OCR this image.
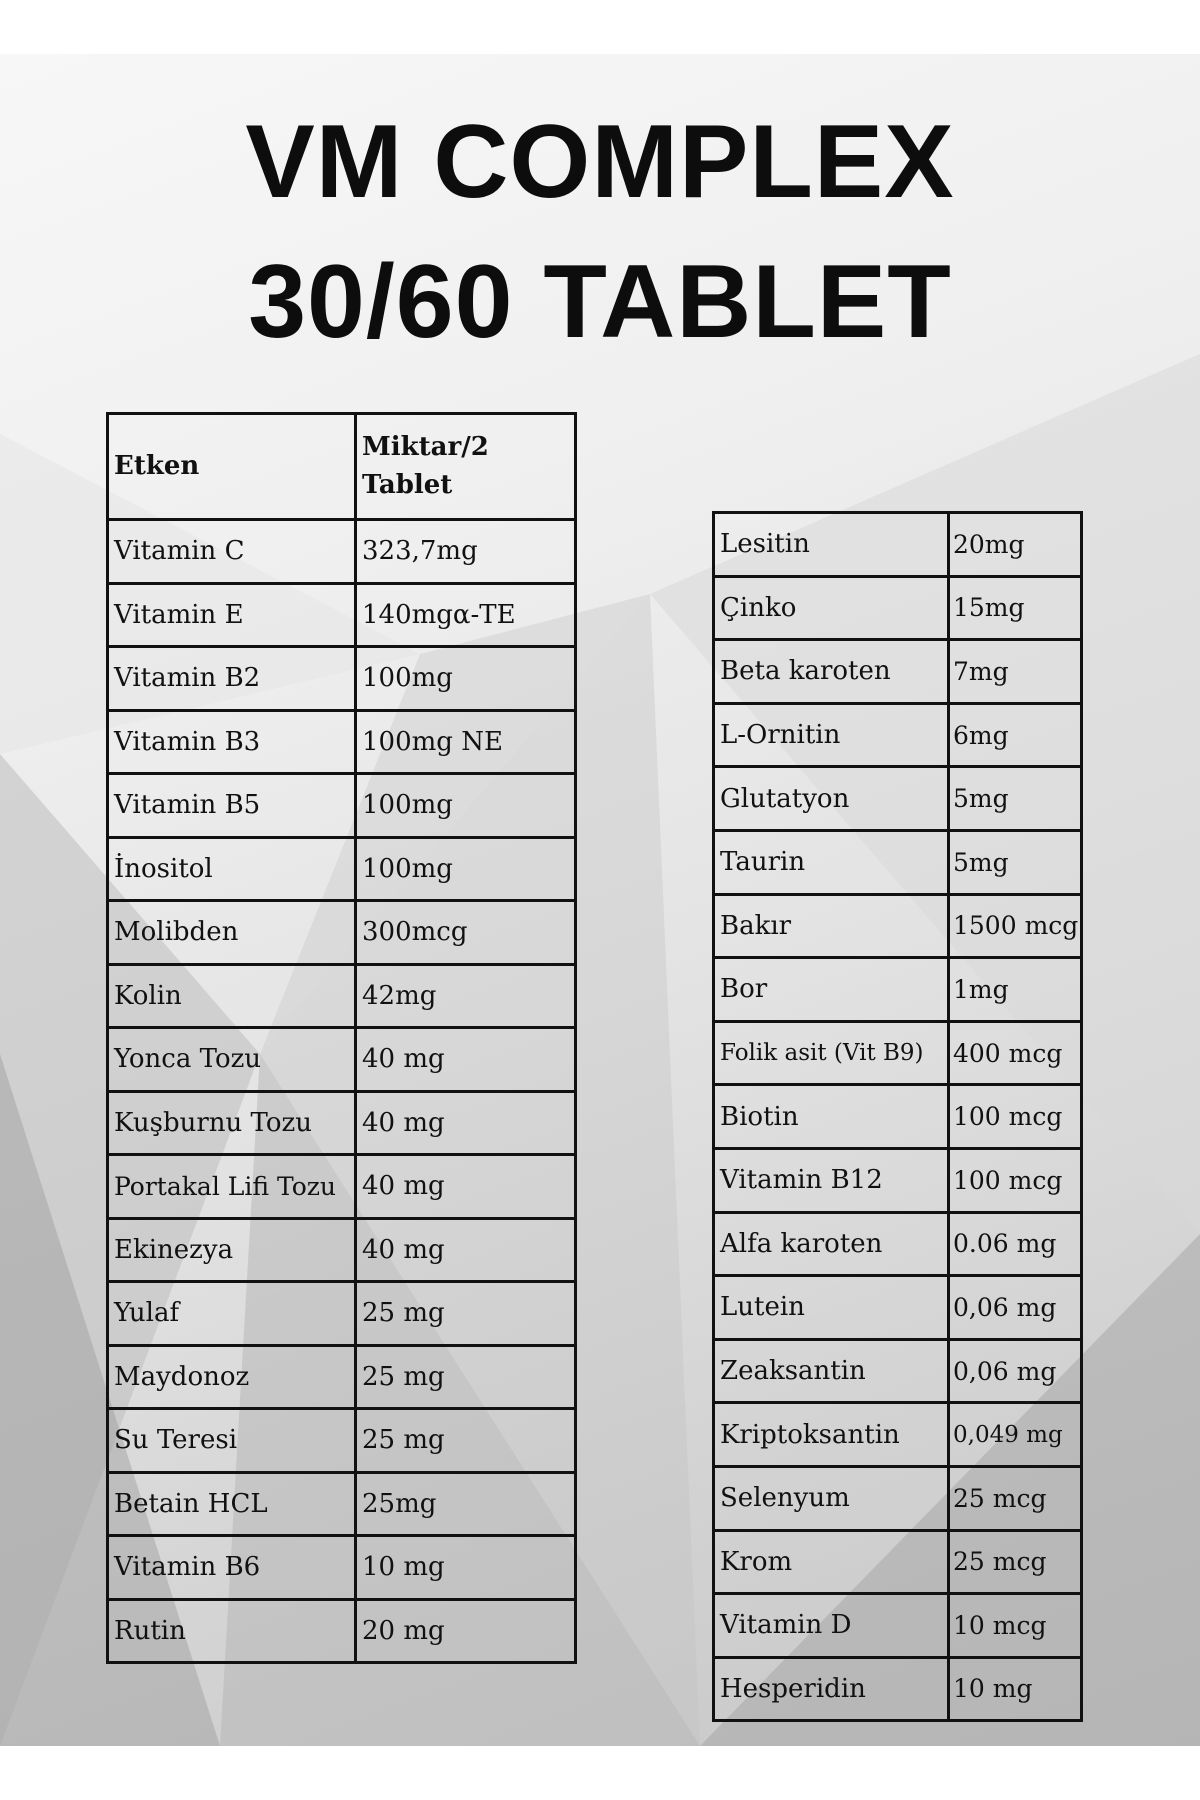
VM COMPLEX
30/60 TABLET
Etken	Miktar/2 Tablet
Vitamin C	323,7mg
Vitamin E	140mgα-TE
Vitamin B2	100mg
Vitamin B3	100mg NE
Vitamin B5	100mg
İnositol	100mg
Molibden	300mcg
Kolin	42mg
Yonca Tozu	40 mg
Kuşburnu Tozu	40 mg
Portakal Lifi Tozu	40 mg
Ekinezya	40 mg
Yulaf	25 mg
Maydonoz	25 mg
Su Teresi	25 mg
Betain HCL	25mg
Vitamin B6	10 mg
Rutin	20 mg
Lesitin	20mg
Çinko	15mg
Beta karoten	7mg
L-Ornitin	6mg
Glutatyon	5mg
Taurin	5mg
Bakır	1500 mcg
Bor	1mg
Folik asit (Vit B9)	400 mcg
Biotin	100 mcg
Vitamin B12	100 mcg
Alfa karoten	0.06 mg
Lutein	0,06 mg
Zeaksantin	0,06 mg
Kriptoksantin	0,049 mg
Selenyum	25 mcg
Krom	25 mcg
Vitamin D	10 mcg
Hesperidin	10 mg
